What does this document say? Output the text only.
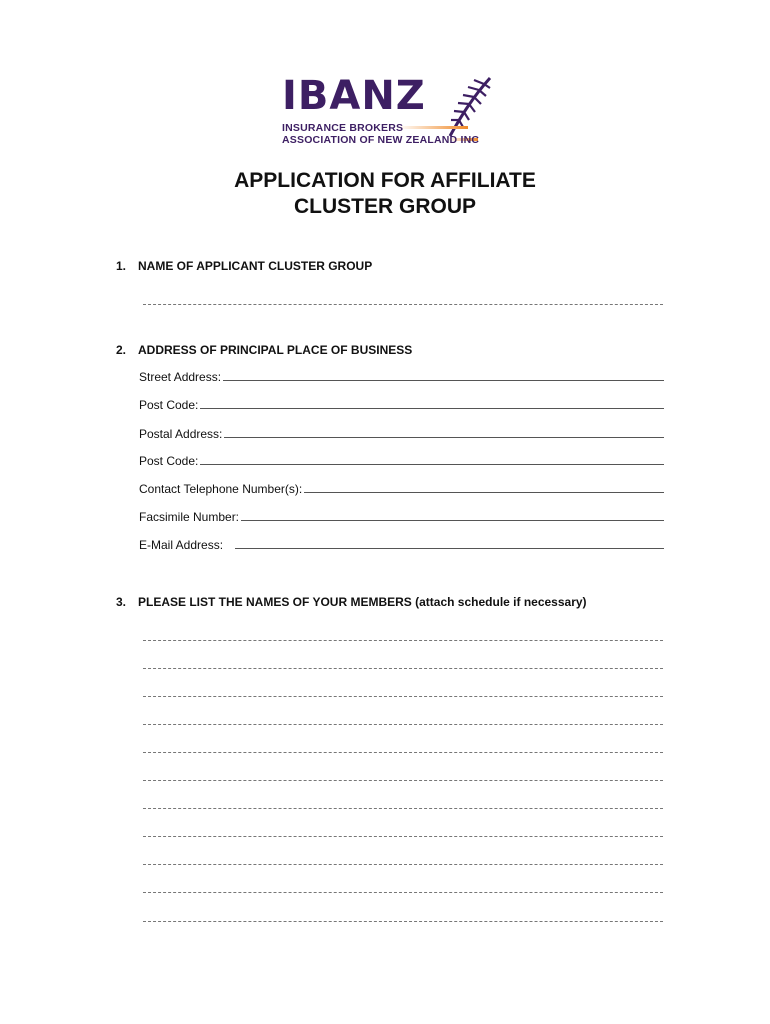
IBANZ
INSURANCE BROKERS
ASSOCIATION OF NEW ZEALAND INC
APPLICATION FOR AFFILIATE
CLUSTER GROUP
1. NAME OF APPLICANT CLUSTER GROUP
2. ADDRESS OF PRINCIPAL PLACE OF BUSINESS
Street Address:
Post Code:
Postal Address:
Post Code:
Contact Telephone Number(s):
Facsimile Number:
E-Mail Address:
3. PLEASE LIST THE NAMES OF YOUR MEMBERS (attach schedule if necessary)
